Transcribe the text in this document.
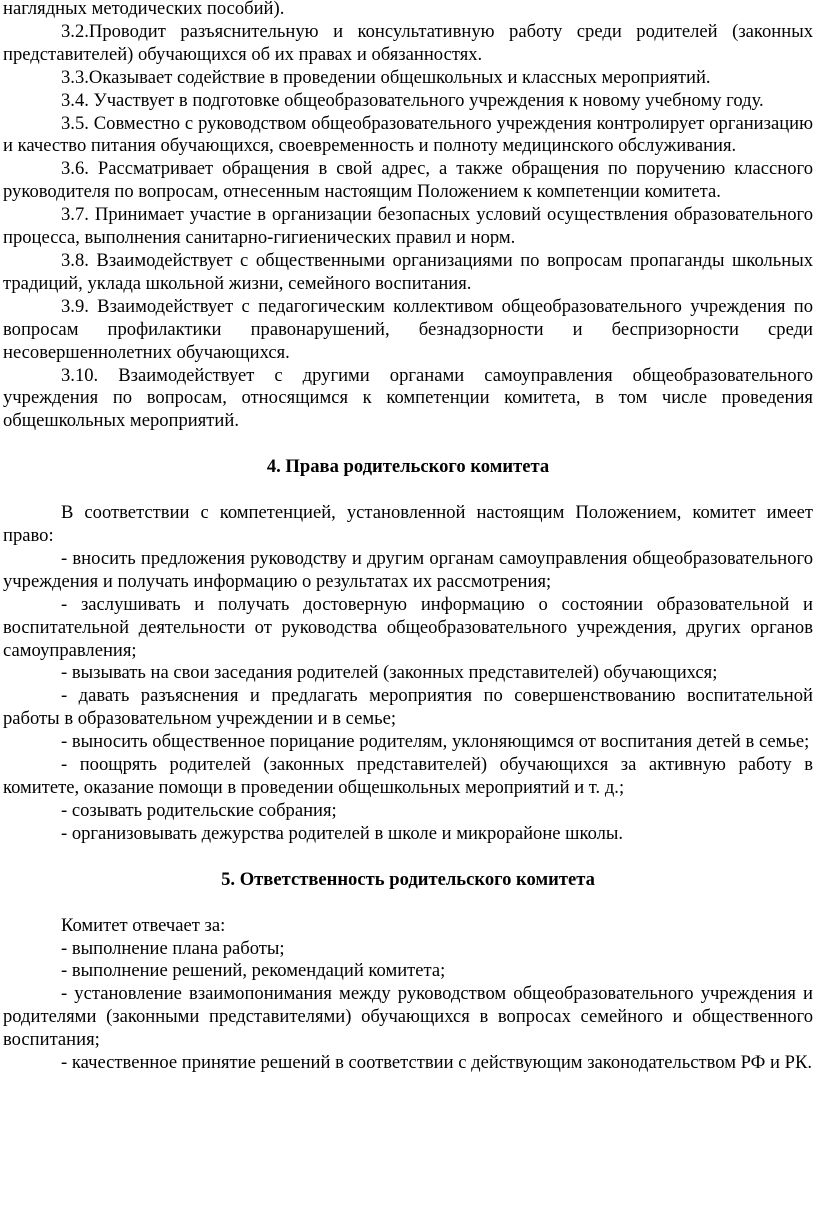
наглядных методических пособий).

3.2.Проводит разъяснительную и консультативную работу среди родителей (законных представителей) обучающихся об их правах и обязанностях.

3.3.Оказывает содействие в проведении общешкольных и классных мероприятий.

3.4. Участвует в подготовке общеобразовательного учреждения к новому учебному году.

3.5. Совместно с руководством общеобразовательного учреждения контролирует организацию и качество питания обучающихся, своевременность и полноту медицинского обслуживания.

3.6. Рассматривает обращения в свой адрес, а также обращения по поручению классного руководителя по вопросам, отнесенным настоящим Положением к компетенции комитета.

3.7. Принимает участие в организации безопасных условий осуществления образовательного процесса, выполнения санитарно-гигиенических правил и норм.

3.8. Взаимодействует с общественными организациями по вопросам пропаганды школьных традиций, уклада школьной жизни, семейного воспитания.

3.9. Взаимодействует с педагогическим коллективом общеобразовательного учреждения по вопросам профилактики правонарушений, безнадзорности и беспризорности среди несовершеннолетних обучающихся.

3.10. Взаимодействует с другими органами самоуправления общеобразовательного учреждения по вопросам, относящимся к компетенции комитета, в том числе проведения общешкольных мероприятий.

4. Права родительского комитета

В соответствии с компетенцией, установленной настоящим Положением, комитет имеет право:

- вносить предложения руководству и другим органам самоуправления общеобразовательного учреждения и получать информацию о результатах их рассмотрения;

- заслушивать и получать достоверную информацию о состоянии образовательной и воспитательной деятельности от руководства общеобразовательного учреждения, других органов самоуправления;

- вызывать на свои заседания родителей (законных представителей) обучающихся;

- давать разъяснения и предлагать мероприятия по совершенствованию воспитательной работы в образовательном учреждении и в семье;

- выносить общественное порицание родителям, уклоняющимся от воспитания детей в семье;

- поощрять родителей (законных представителей) обучающихся за активную работу в комитете, оказание помощи в проведении общешкольных мероприятий и т. д.;

- созывать родительские собрания;

- организовывать дежурства родителей в школе и микрорайоне школы.

5. Ответственность родительского комитета

Комитет отвечает за:

- выполнение плана работы;

- выполнение решений, рекомендаций комитета;

- установление взаимопонимания между руководством общеобразовательного учреждения и родителями (законными представителями) обучающихся в вопросах семейного и общественного воспитания;

- качественное принятие решений в соответствии с действующим законодательством РФ и РК.
